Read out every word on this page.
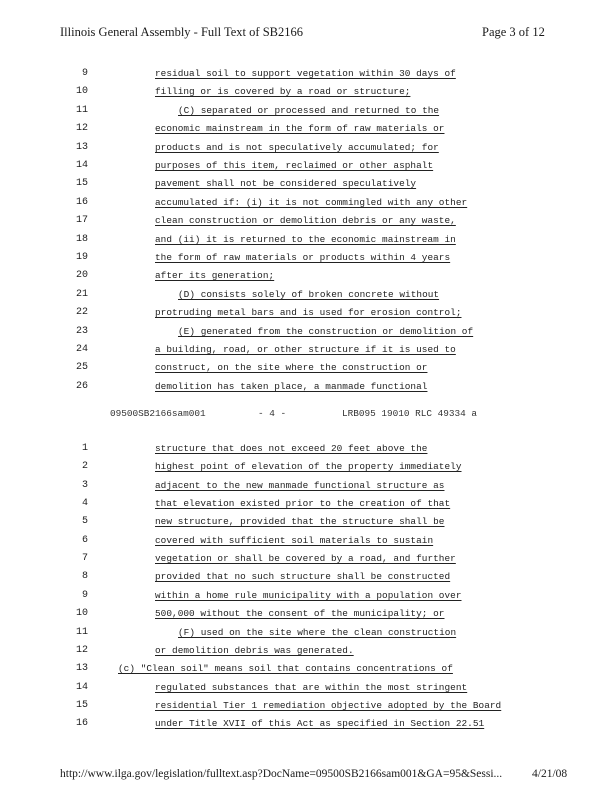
Illinois General Assembly - Full Text of SB2166	Page 3 of 12
9	residual soil to support vegetation within 30 days of
10	filling or is covered by a road or structure;
11	(C) separated or processed and returned to the
12	economic mainstream in the form of raw materials or
13	products and is not speculatively accumulated; for
14	purposes of this item, reclaimed or other asphalt
15	pavement shall not be considered speculatively
16	accumulated if: (i) it is not commingled with any other
17	clean construction or demolition debris or any waste,
18	and (ii) it is returned to the economic mainstream in
19	the form of raw materials or products within 4 years
20	after its generation;
21	(D) consists solely of broken concrete without
22	protruding metal bars and is used for erosion control;
23	(E) generated from the construction or demolition of
24	a building, road, or other structure if it is used to
25	construct, on the site where the construction or
26	demolition has taken place, a manmade functional
09500SB2166sam001	- 4 -	LRB095 19010 RLC 49334 a
1	structure that does not exceed 20 feet above the
2	highest point of elevation of the property immediately
3	adjacent to the new manmade functional structure as
4	that elevation existed prior to the creation of that
5	new structure, provided that the structure shall be
6	covered with sufficient soil materials to sustain
7	vegetation or shall be covered by a road, and further
8	provided that no such structure shall be constructed
9	within a home rule municipality with a population over
10	500,000 without the consent of the municipality; or
11	(F) used on the site where the clean construction
12	or demolition debris was generated.
13	(c) "Clean soil" means soil that contains concentrations of
14	regulated substances that are within the most stringent
15	residential Tier 1 remediation objective adopted by the Board
16	under Title XVII of this Act as specified in Section 22.51
http://www.ilga.gov/legislation/fulltext.asp?DocName=09500SB2166sam001&GA=95&Sessi...	4/21/08
